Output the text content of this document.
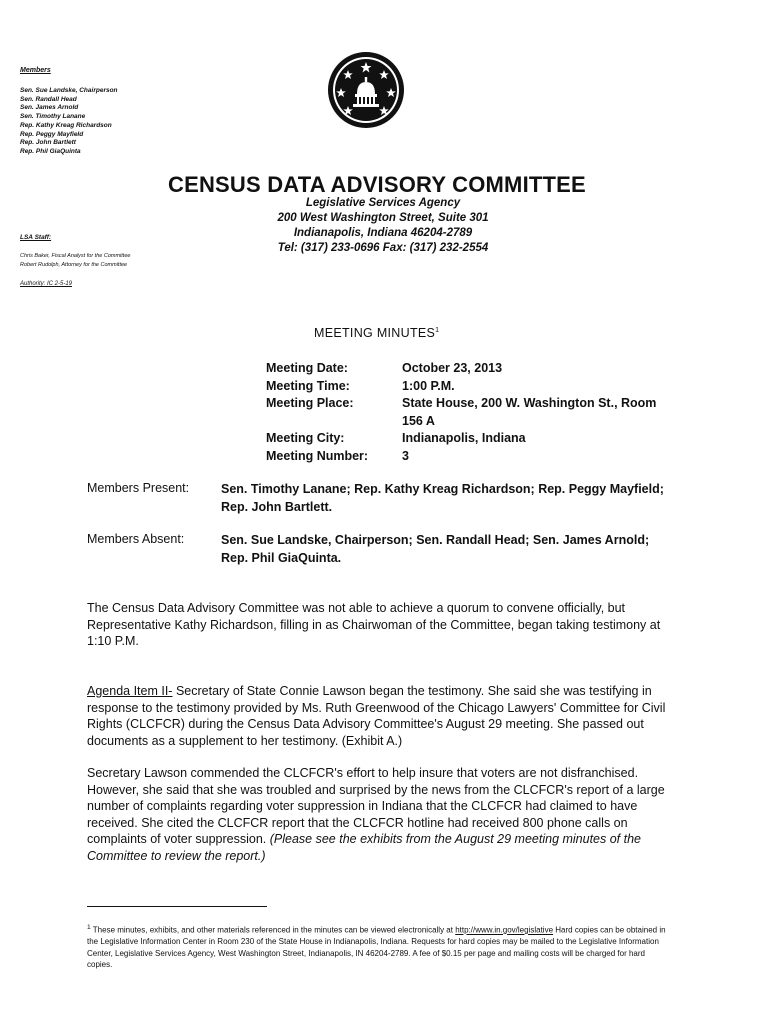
Members
Sen. Sue Landske, Chairperson
Sen. Randall Head
Sen. James Arnold
Sen. Timothy Lanane
Rep. Kathy Kreag Richardson
Rep. Peggy Mayfield
Rep. John Bartlett
Rep. Phil GiaQuinta
LSA Staff:
Chris Baker, Fiscal Analyst for the Committee
Robert Rudolph, Attorney for the Committee
Authority: IC 2-5-19
CENSUS DATA ADVISORY COMMITTEE
Legislative Services Agency
200 West Washington Street, Suite 301
Indianapolis, Indiana 46204-2789
Tel: (317) 233-0696 Fax: (317) 232-2554
MEETING MINUTES$^1$
Meeting Date:	October 23, 2013
Meeting Time:	1:00 P.M.
Meeting Place:	State House, 200 W. Washington St., Room 156 A
Meeting City:	Indianapolis, Indiana
Meeting Number:	3
Members Present:	Sen. Timothy Lanane; Rep. Kathy Kreag Richardson; Rep. Peggy Mayfield; Rep. John Bartlett.
Members Absent:	Sen. Sue Landske, Chairperson; Sen. Randall Head; Sen. James Arnold; Rep. Phil GiaQuinta.
The Census Data Advisory Committee was not able to achieve a quorum to convene officially, but Representative Kathy Richardson, filling in as Chairwoman of the Committee, began taking testimony at 1:10 P.M.
Agenda Item II- Secretary of State Connie Lawson began the testimony. She said she was testifying in response to the testimony provided by Ms. Ruth Greenwood of the Chicago Lawyers' Committee for Civil Rights (CLCFCR) during the Census Data Advisory Committee's August 29 meeting. She passed out documents as a supplement to her testimony. (Exhibit A.)
Secretary Lawson commended the CLCFCR's effort to help insure that voters are not disfranchised. However, she said that she was troubled and surprised by the news from the CLCFCR's report of a large number of complaints regarding voter suppression in Indiana that the CLCFCR had claimed to have received. She cited the CLCFCR report that the CLCFCR hotline had received 800 phone calls on complaints of voter suppression. (Please see the exhibits from the August 29 meeting minutes of the Committee to review the report.)
$^1$ These minutes, exhibits, and other materials referenced in the minutes can be viewed electronically at http://www.in.gov/legislative Hard copies can be obtained in the Legislative Information Center in Room 230 of the State House in Indianapolis, Indiana. Requests for hard copies may be mailed to the Legislative Information Center, Legislative Services Agency, West Washington Street, Indianapolis, IN 46204-2789. A fee of $0.15 per page and mailing costs will be charged for hard copies.
